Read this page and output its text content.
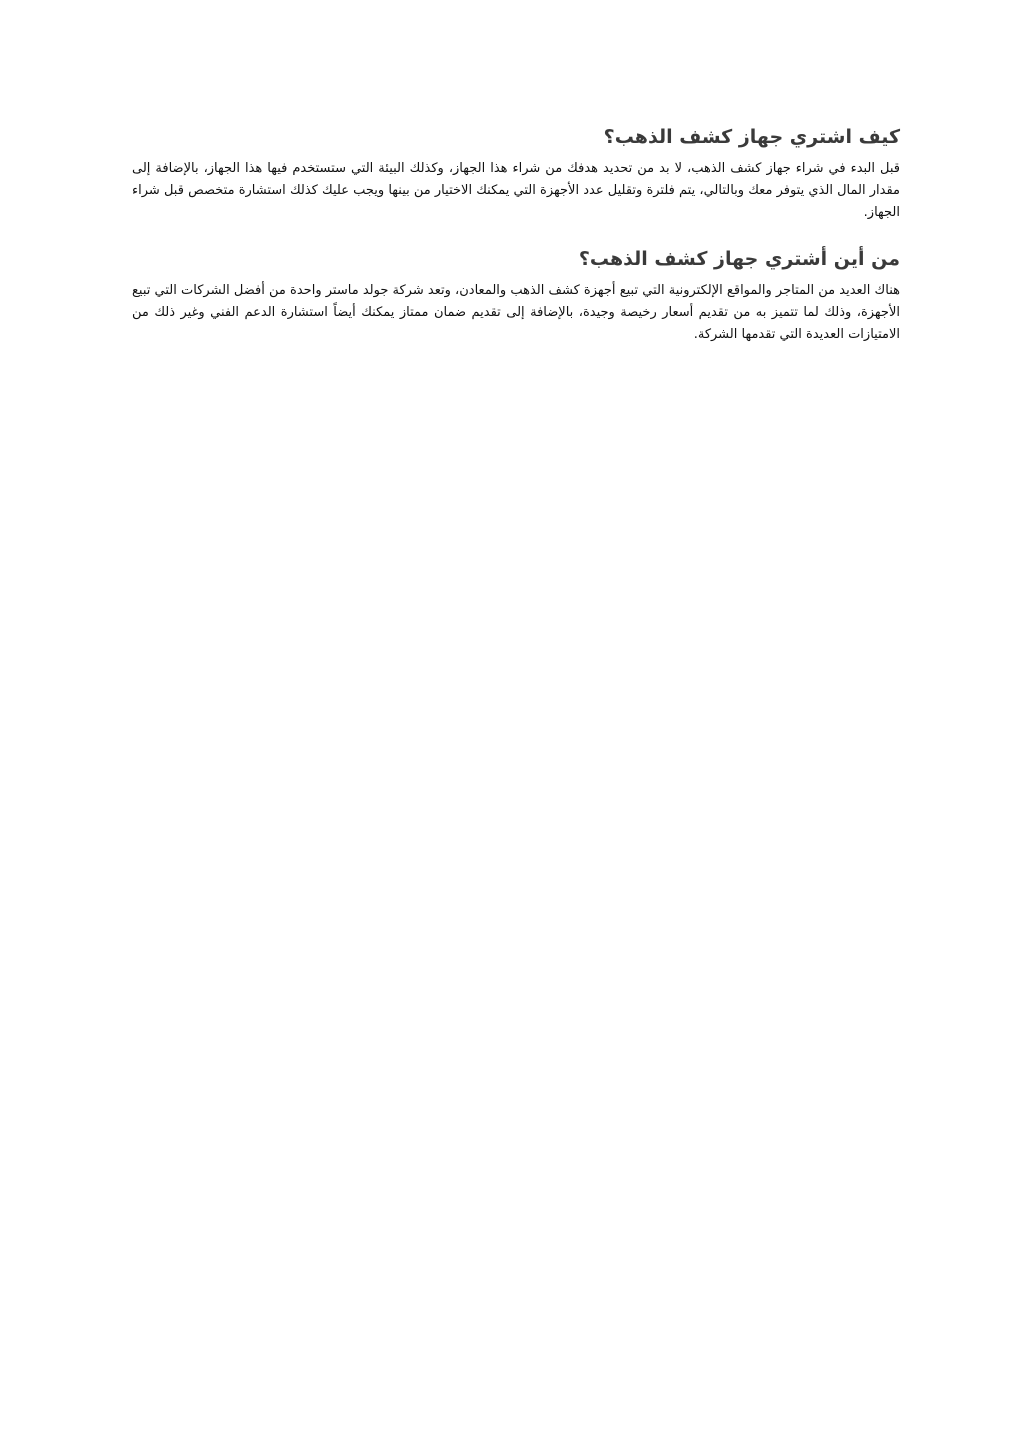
كيف اشتري جهاز كشف الذهب؟

قبل البدء في شراء جهاز كشف الذهب، لا بد من تحديد هدفك من شراء هذا الجهاز، وكذلك البيئة التي ستستخدم فيها هذا الجهاز، بالإضافة إلى مقدار المال الذي يتوفر معك وبالتالي، يتم فلترة وتقليل عدد الأجهزة التي يمكنك الاختيار من بينها ويجب عليك كذلك استشارة متخصص قبل شراء الجهاز.

من أين أشتري جهاز كشف الذهب؟

هناك العديد من المتاجر والمواقع الإلكترونية التي تبيع أجهزة كشف الذهب والمعادن، وتعد شركة جولد ماستر واحدة من أفضل الشركات التي تبيع الأجهزة، وذلك لما تتميز به من تقديم أسعار رخيصة وجيدة، بالإضافة إلى تقديم ضمان ممتاز يمكنك أيضاً استشارة الدعم الفني وغير ذلك من الامتيازات العديدة التي تقدمها الشركة.
